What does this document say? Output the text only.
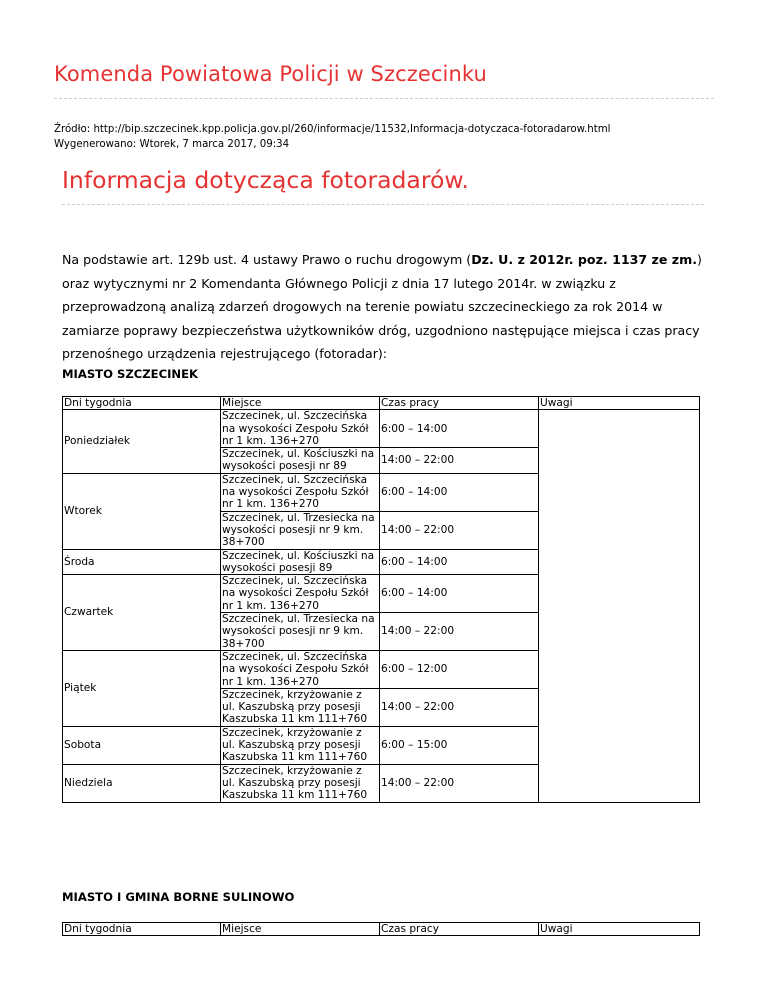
Komenda Powiatowa Policji w Szczecinku
Źródło: http://bip.szczecinek.kpp.policja.gov.pl/260/informacje/11532,Informacja-dotyczaca-fotoradarow.html
Wygenerowano: Wtorek, 7 marca 2017, 09:34
Informacja dotycząca fotoradarów.

Na podstawie art. 129b ust. 4 ustawy Prawo o ruchu drogowym (Dz. U. z 2012r. poz. 1137 ze zm.) oraz wytycznymi nr 2 Komendanta Głównego Policji z dnia 17 lutego 2014r. w związku z przeprowadzoną analizą zdarzeń drogowych na terenie powiatu szczecineckiego za rok 2014 w zamiarze poprawy bezpieczeństwa użytkowników dróg, uzgodniono następujące miejsca i czas pracy przenośnego urządzenia rejestrującego (fotoradar):

MIASTO SZCZECINEK

Dni tygodnia	Miejsce	Czas pracy	Uwagi
Poniedziałek	Szczecinek, ul. Szczecińska na wysokości Zespołu Szkół nr 1 km. 136+270	6:00 – 14:00	
	Szczecinek, ul. Kościuszki na wysokości posesji nr 89	14:00 – 22:00	
Wtorek	Szczecinek, ul. Szczecińska na wysokości Zespołu Szkół nr 1 km. 136+270	6:00 – 14:00	
	Szczecinek, ul. Trzesiecka na wysokości posesji nr 9 km. 38+700	14:00 – 22:00	
Środa	Szczecinek, ul. Kościuszki na wysokości posesji 89	6:00 – 14:00	
Czwartek	Szczecinek, ul. Szczecińska na wysokości Zespołu Szkół nr 1 km. 136+270	6:00 – 14:00	
	Szczecinek, ul. Trzesiecka na wysokości posesji nr 9 km. 38+700	14:00 – 22:00	
Piątek	Szczecinek, ul. Szczecińska na wysokości Zespołu Szkół nr 1 km. 136+270	6:00 – 12:00	
	Szczecinek, krzyżowanie z ul. Kaszubską przy posesji Kaszubska 11 km 111+760	14:00 – 22:00	
Sobota	Szczecinek, krzyżowanie z ul. Kaszubską przy posesji Kaszubska 11 km 111+760	6:00 – 15:00	
Niedziela	Szczecinek, krzyżowanie z ul. Kaszubską przy posesji Kaszubska 11 km 111+760	14:00 – 22:00	

MIASTO I GMINA BORNE SULINOWO

Dni tygodnia	Miejsce	Czas pracy	Uwagi
